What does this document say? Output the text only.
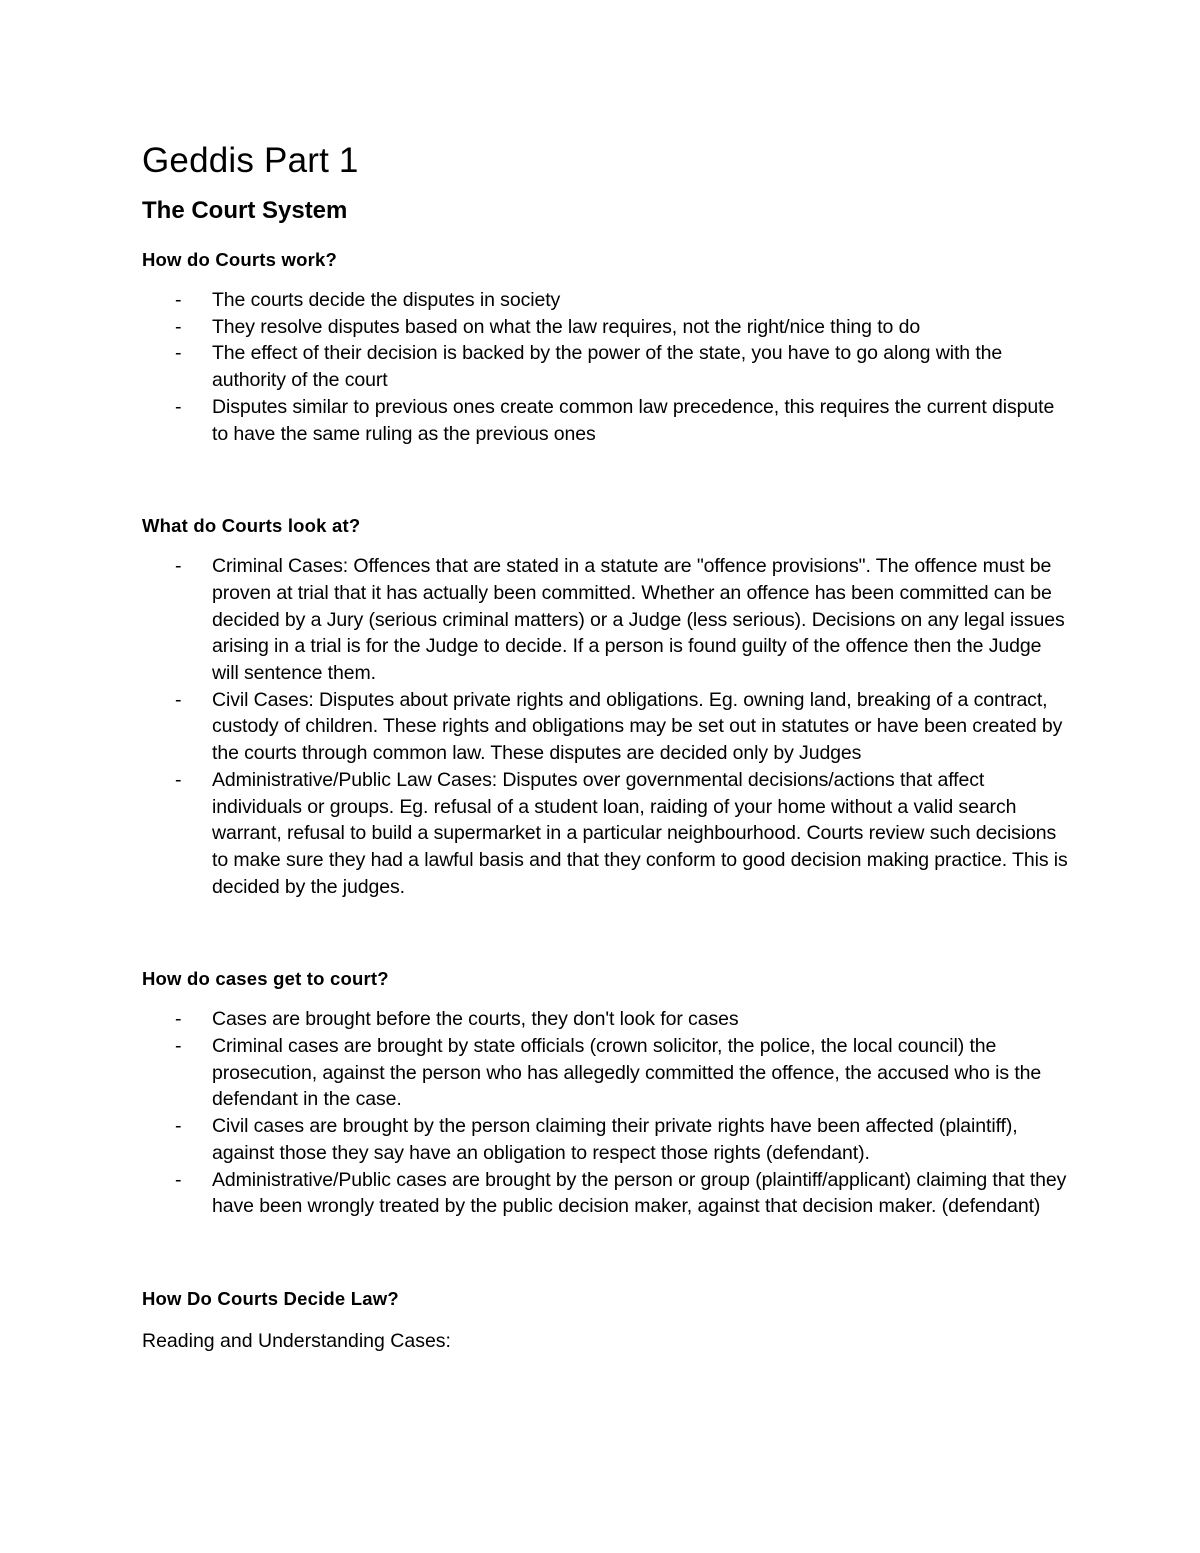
Geddis Part 1
The Court System
How do Courts work?
- The courts decide the disputes in society
- They resolve disputes based on what the law requires, not the right/nice thing to do
- The effect of their decision is backed by the power of the state, you have to go along with the authority of the court
- Disputes similar to previous ones create common law precedence, this requires the current dispute to have the same ruling as the previous ones
What do Courts look at?
- Criminal Cases: Offences that are stated in a statute are "offence provisions". The offence must be proven at trial that it has actually been committed. Whether an offence has been committed can be decided by a Jury (serious criminal matters) or a Judge (less serious). Decisions on any legal issues arising in a trial is for the Judge to decide. If a person is found guilty of the offence then the Judge will sentence them.
- Civil Cases: Disputes about private rights and obligations. Eg. owning land, breaking of a contract, custody of children. These rights and obligations may be set out in statutes or have been created by the courts through common law. These disputes are decided only by Judges
- Administrative/Public Law Cases: Disputes over governmental decisions/actions that affect individuals or groups. Eg. refusal of a student loan, raiding of your home without a valid search warrant, refusal to build a supermarket in a particular neighbourhood. Courts review such decisions to make sure they had a lawful basis and that they conform to good decision making practice. This is decided by the judges.
How do cases get to court?
- Cases are brought before the courts, they don't look for cases
- Criminal cases are brought by state officials (crown solicitor, the police, the local council) the prosecution, against the person who has allegedly committed the offence, the accused who is the defendant in the case.
- Civil cases are brought by the person claiming their private rights have been affected (plaintiff), against those they say have an obligation to respect those rights (defendant).
- Administrative/Public cases are brought by the person or group (plaintiff/applicant) claiming that they have been wrongly treated by the public decision maker, against that decision maker. (defendant)
How Do Courts Decide Law?

Reading and Understanding Cases:
